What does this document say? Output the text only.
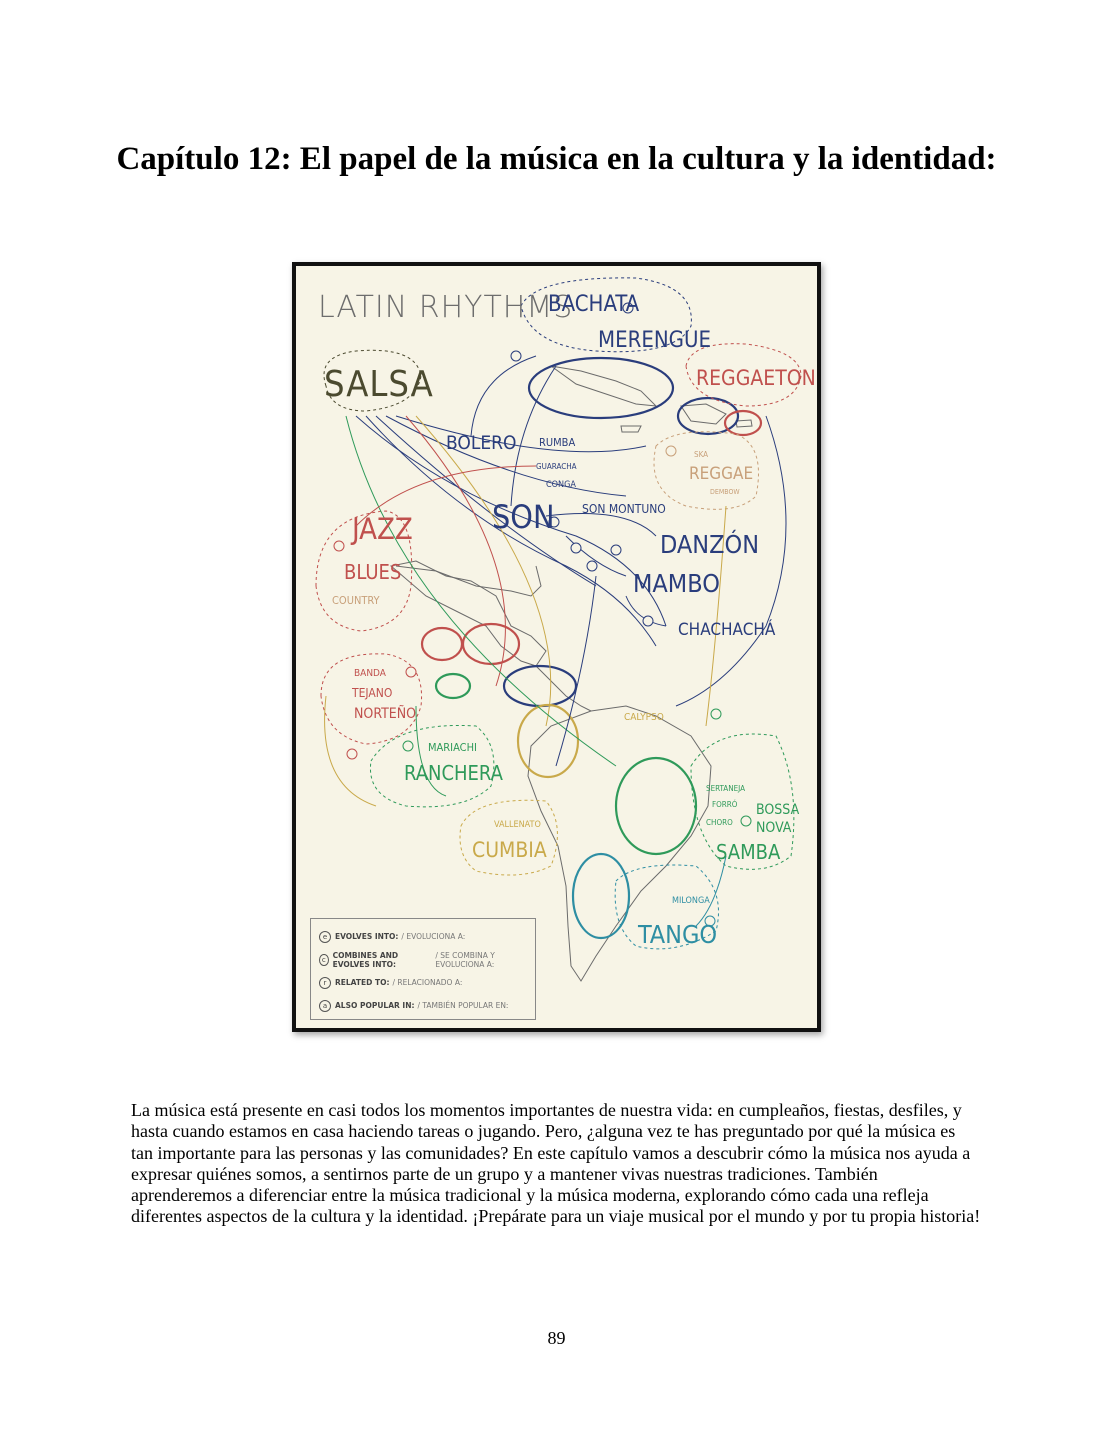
Capítulo 12: El papel de la música en la cultura y la identidad:
LATIN RHYTHMS
SALSA
BACHATA
MERENGUE
REGGAETON
BOLERO RUMBA
GUARACHA
CONGA
SKA
REGGAE
DEMBOW
SON SON MONTUNO
DANZÓN
MAMBO
CHACHACHÁ
JAZZ
BLUES
COUNTRY
BANDA
TEJANO
NORTEÑO
MARIACHI
RANCHERA
CALYPSO
SERTANEJA
FORRÓ
CHORO
BOSSA
NOVA
SAMBA
VALLENATO
CUMBIA
MILONGA
TANGO
e	EVOLVES INTO: / EVOLUCIONA A:
c COMBINES AND EVOLVES INTO:
/ SE COMBINA Y EVOLUCIONA A:
r	RELATED TO: / RELACIONADO A:
a	ALSO POPULAR IN: / TAMBIÉN POPULAR EN:

La música está presente en casi todos los momentos importantes de nuestra vida: en cumpleaños, fiestas, desfiles, y hasta cuando estamos en casa haciendo tareas o jugando. Pero, ¿alguna vez te has preguntado por qué la música es tan importante para las personas y las comunidades? En este capítulo vamos a descubrir cómo la música nos ayuda a expresar quiénes somos, a sentirnos parte de un grupo y a mantener vivas nuestras tradiciones. También aprenderemos a diferenciar entre la música tradicional y la música moderna, explorando cómo cada una refleja diferentes aspectos de la cultura y la identidad. ¡Prepárate para un viaje musical por el mundo y por tu propia historia!

89
